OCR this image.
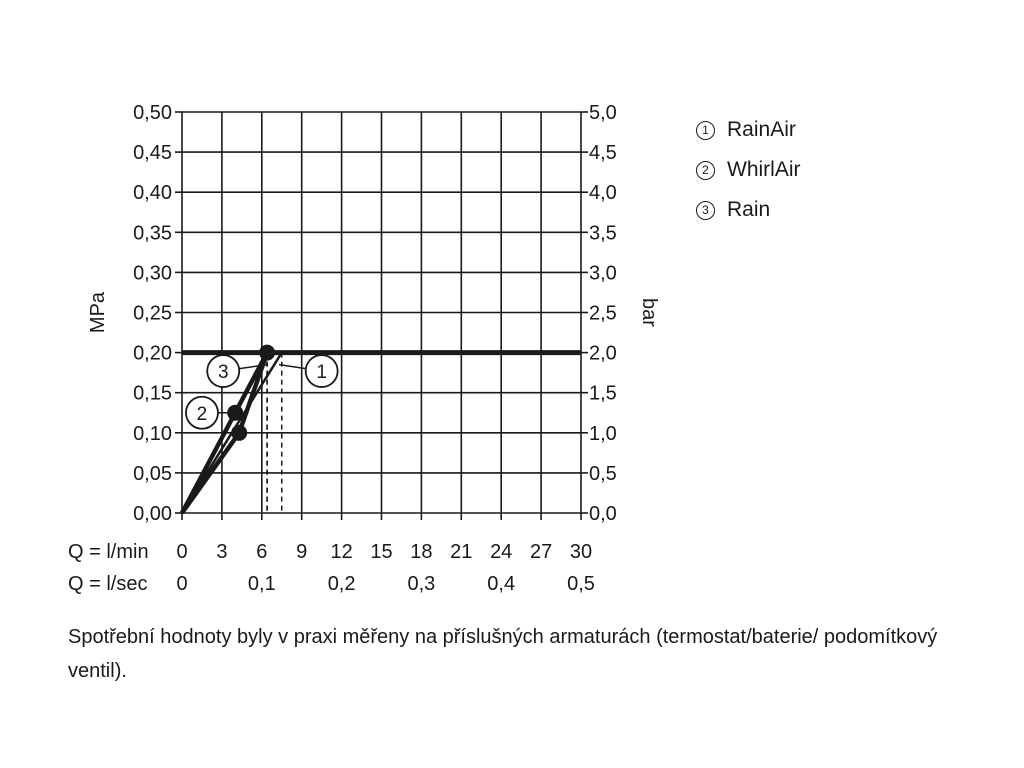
0,00
0,05
0,10
0,15
0,20
0,25
0,30
0,35
0,40
0,45
0,50
0,0
0,5
1,0
1,5
2,0
2,5
3,0
3,5
4,0
4,5
5,0
MPa	bar
Q = l/min 0 3 6 9 12 15 18 21 24 27 30
Q = l/sec 0	0,1	0,2	0,3	0,4	0,5
3	1
2
1 RainAir
2 WhirlAir
3 Rain
Spotřební hodnoty byly v praxi měřeny na příslušných armaturách (termostat/baterie/ podomítkový ventil).
